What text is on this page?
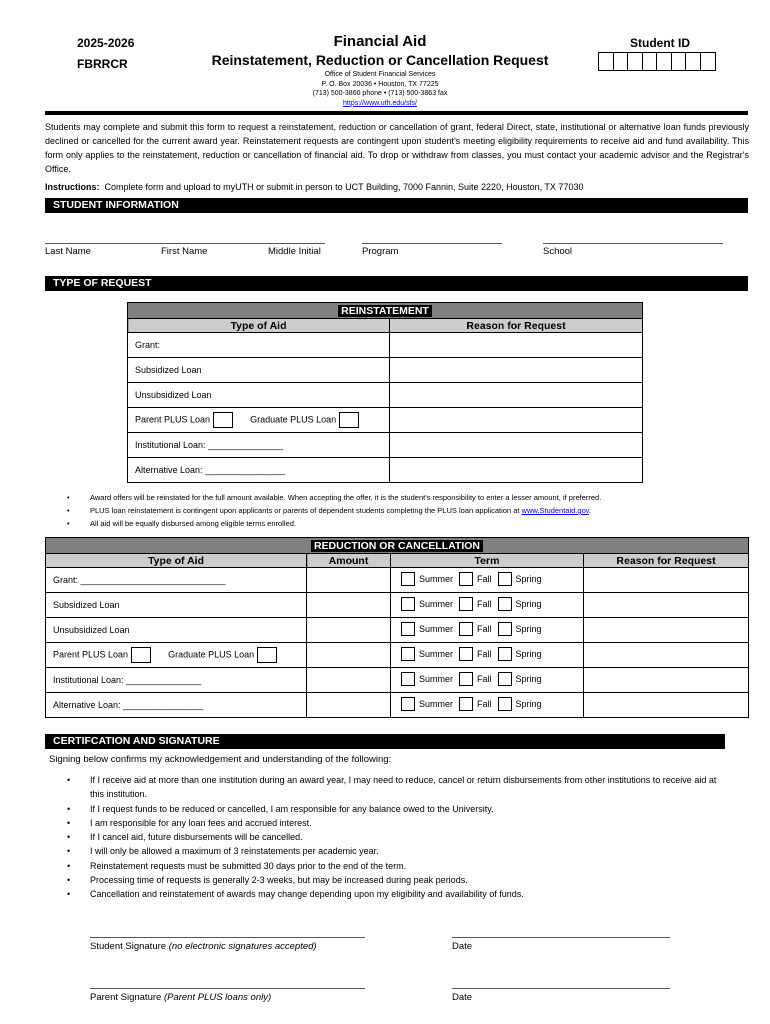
2025-2026
FBRRCR
Financial Aid
Reinstatement, Reduction or Cancellation Request
Office of Student Financial Services
P. O. Box 20036 • Houston, TX 77225
(713) 500-3860 phone • (713) 500-3863 fax
https://www.uth.edu/sfs/
Student ID
Students may complete and submit this form to request a reinstatement, reduction or cancellation of grant, federal Direct, state, institutional or alternative loan funds previously declined or cancelled for the current award year. Reinstatement requests are contingent upon student's meeting eligibility requirements to receive aid and fund availability. This form only applies to the reinstatement, reduction or cancellation of financial aid. To drop or withdraw from classes, you must contact your academic advisor and the Registrar's Office.
Instructions: Complete form and upload to myUTH or submit in person to UCT Building, 7000 Fannin, Suite 2220, Houston, TX 77030
STUDENT INFORMATION
Last Name	First Name	Middle Initial	Program	School
TYPE OF REQUEST
REINSTATEMENT	
Type of Aid	Reason for Request
Grant:	
Subsidized Loan	
Unsubsidized Loan	
Parent PLUS Loan Graduate PLUS Loan	
Institutional Loan: _______________	
Alternative Loan: ________________	
• Award offers will be reinstated for the full amount available. When accepting the offer, it is the student's responsibility to enter a lesser amount, if preferred.
• PLUS loan reinstatement is contingent upon applicants or parents of dependent students completing the PLUS loan application at www.Studentaid.gov.
• All aid will be equally disbursed among eligible terms enrolled.
REDUCTION OR CANCELLATION			
Type of Aid	Amount	Term	Reason for Request
Grant: _____________________________		Summer Fall Spring	

Subsidized Loan		Summer Fall Spring	

Unsubsidized Loan		Summer Fall Spring	

Parent PLUS Loan Graduate PLUS Loan		Summer Fall Spring	

Institutional Loan: _______________		Summer Fall Spring	

Alternative Loan: ________________		Summer Fall Spring	

CERTIFCATION AND SIGNATURE
Signing below confirms my acknowledgement and understanding of the following:
• If I receive aid at more than one institution during an award year, I may need to reduce, cancel or return disbursements from other institutions to receive aid at this institution.
• If I request funds to be reduced or cancelled, I am responsible for any balance owed to the University.
• I am responsible for any loan fees and accrued interest.
• If I cancel aid, future disbursements will be cancelled.
• I will only be allowed a maximum of 3 reinstatements per academic year.
• Reinstatement requests must be submitted 30 days prior to the end of the term.
• Processing time of requests is generally 2-3 weeks, but may be increased during peak periods.
• Cancellation and reinstatement of awards may change depending upon my eligibility and availability of funds.
Student Signature (no electronic signatures accepted)	Date
Parent Signature (Parent PLUS loans only)	Date
